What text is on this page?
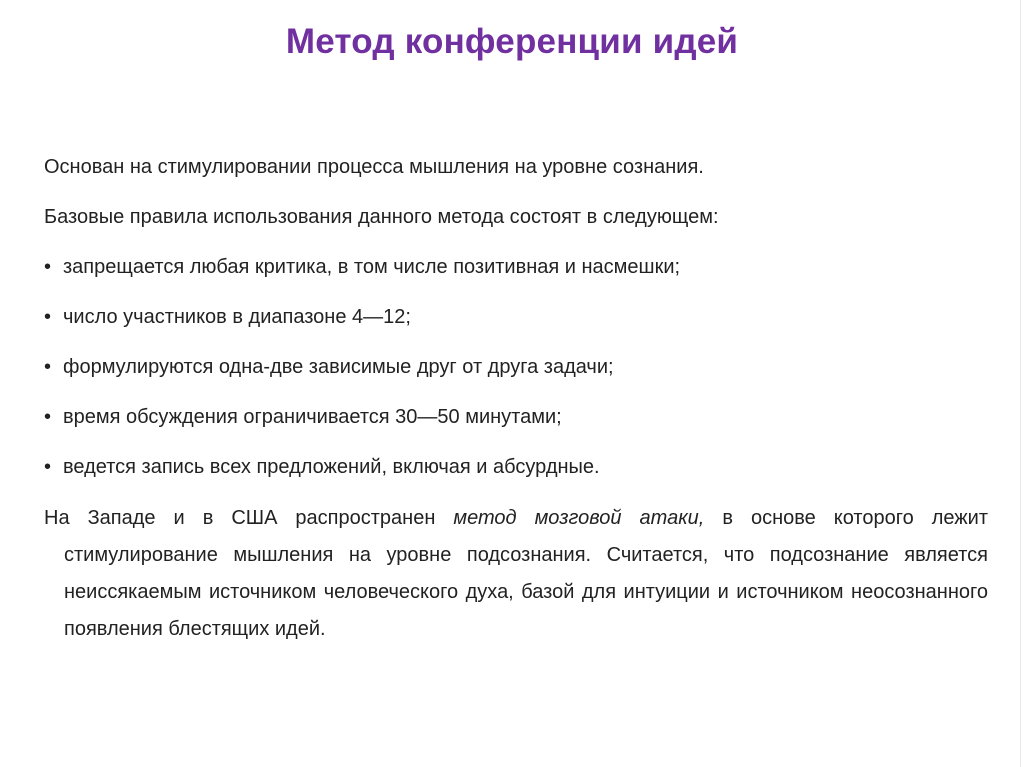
Метод конференции идей

Основан на стимулировании процесса мышления на уровне сознания.

Базовые правила использования данного метода состоят в следующем:

• запрещается любая критика, в том числе позитивная и насмешки;
• число участников в диапазоне 4—12;
• формулируются одна-две зависимые друг от друга задачи;
• время обсуждения ограничивается 30—50 минутами;
• ведется запись всех предложений, включая и абсурдные.

На Западе и в США распространен метод мозговой атаки, в основе которого лежит стимулирование мышления на уровне подсознания. Считается, что подсознание является неиссякаемым источником человеческого духа, базой для интуиции и источником неосознанного появления блестящих идей.
